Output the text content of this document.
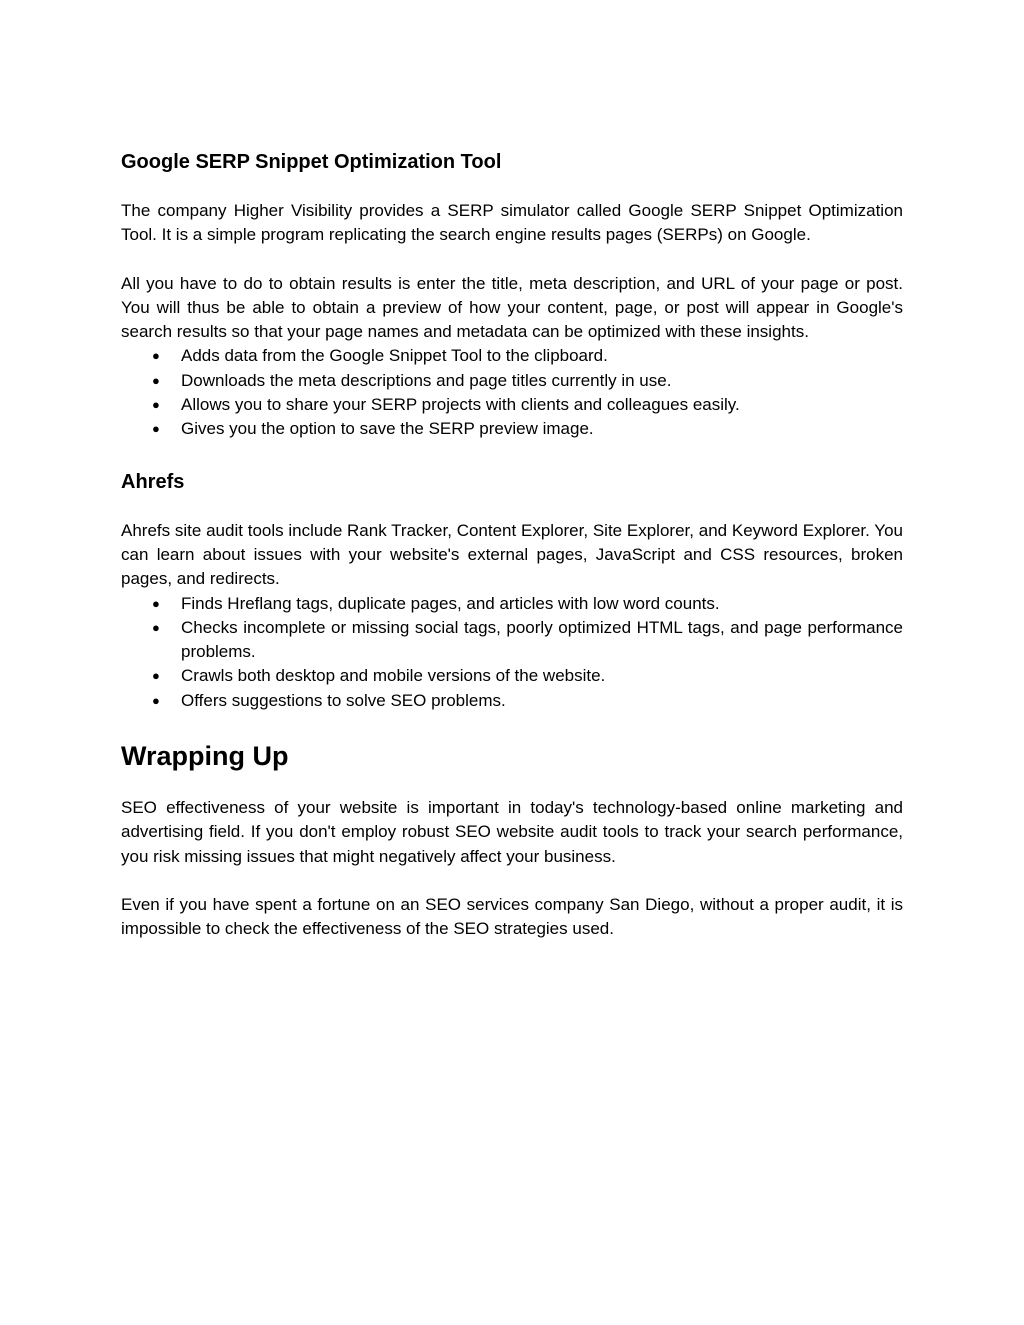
Google SERP Snippet Optimization Tool

The company Higher Visibility provides a SERP simulator called Google SERP Snippet Optimization Tool. It is a simple program replicating the search engine results pages (SERPs) on Google.

All you have to do to obtain results is enter the title, meta description, and URL of your page or post. You will thus be able to obtain a preview of how your content, page, or post will appear in Google's search results so that your page names and metadata can be optimized with these insights.

● Adds data from the Google Snippet Tool to the clipboard.
● Downloads the meta descriptions and page titles currently in use.
● Allows you to share your SERP projects with clients and colleagues easily.
● Gives you the option to save the SERP preview image.
Ahrefs

Ahrefs site audit tools include Rank Tracker, Content Explorer, Site Explorer, and Keyword Explorer. You can learn about issues with your website's external pages, JavaScript and CSS resources, broken pages, and redirects.

● Finds Hreflang tags, duplicate pages, and articles with low word counts.
● Checks incomplete or missing social tags, poorly optimized HTML tags, and page performance problems.
● Crawls both desktop and mobile versions of the website.
● Offers suggestions to solve SEO problems.
Wrapping Up

SEO effectiveness of your website is important in today's technology-based online marketing and advertising field. If you don't employ robust SEO website audit tools to track your search performance, you risk missing issues that might negatively affect your business.

Even if you have spent a fortune on an SEO services company San Diego, without a proper audit, it is impossible to check the effectiveness of the SEO strategies used.
